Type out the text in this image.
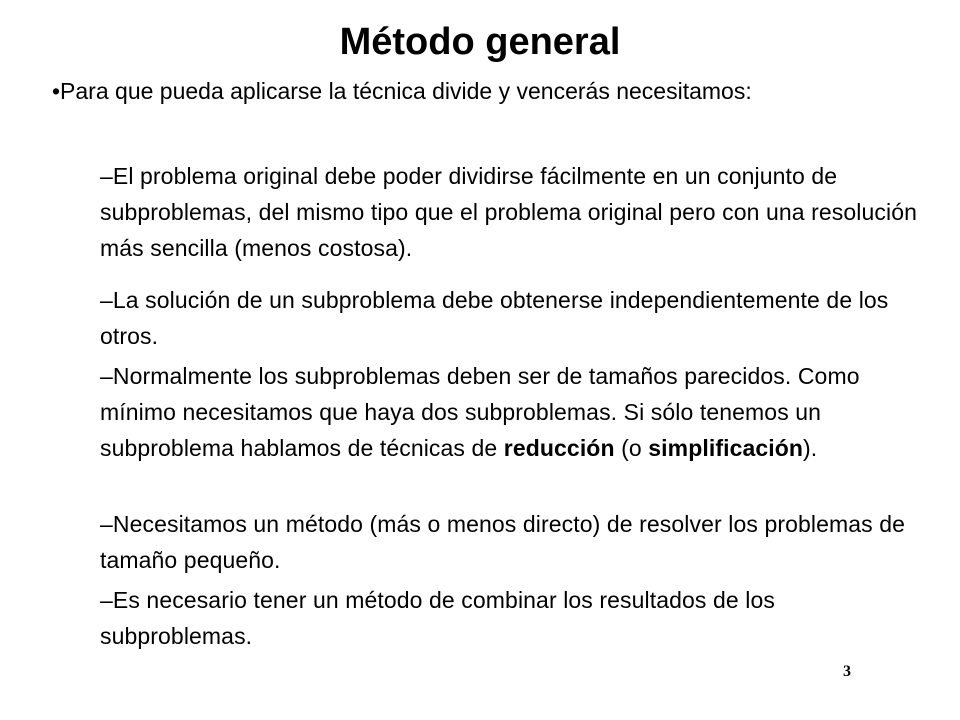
Método general

•Para que pueda aplicarse la técnica divide y vencerás necesitamos:

–El problema original debe poder dividirse fácilmente en un conjunto de subproblemas, del mismo tipo que el problema original pero con una resolución más sencilla (menos costosa).

–La solución de un subproblema debe obtenerse independientemente de los otros.

–Normalmente los subproblemas deben ser de tamaños parecidos. Como mínimo necesitamos que haya dos subproblemas. Si sólo tenemos un subproblema hablamos de técnicas de reducción (o simplificación).

–Necesitamos un método (más o menos directo) de resolver los problemas de tamaño pequeño.

–Es necesario tener un método de combinar los resultados de los subproblemas.

3
